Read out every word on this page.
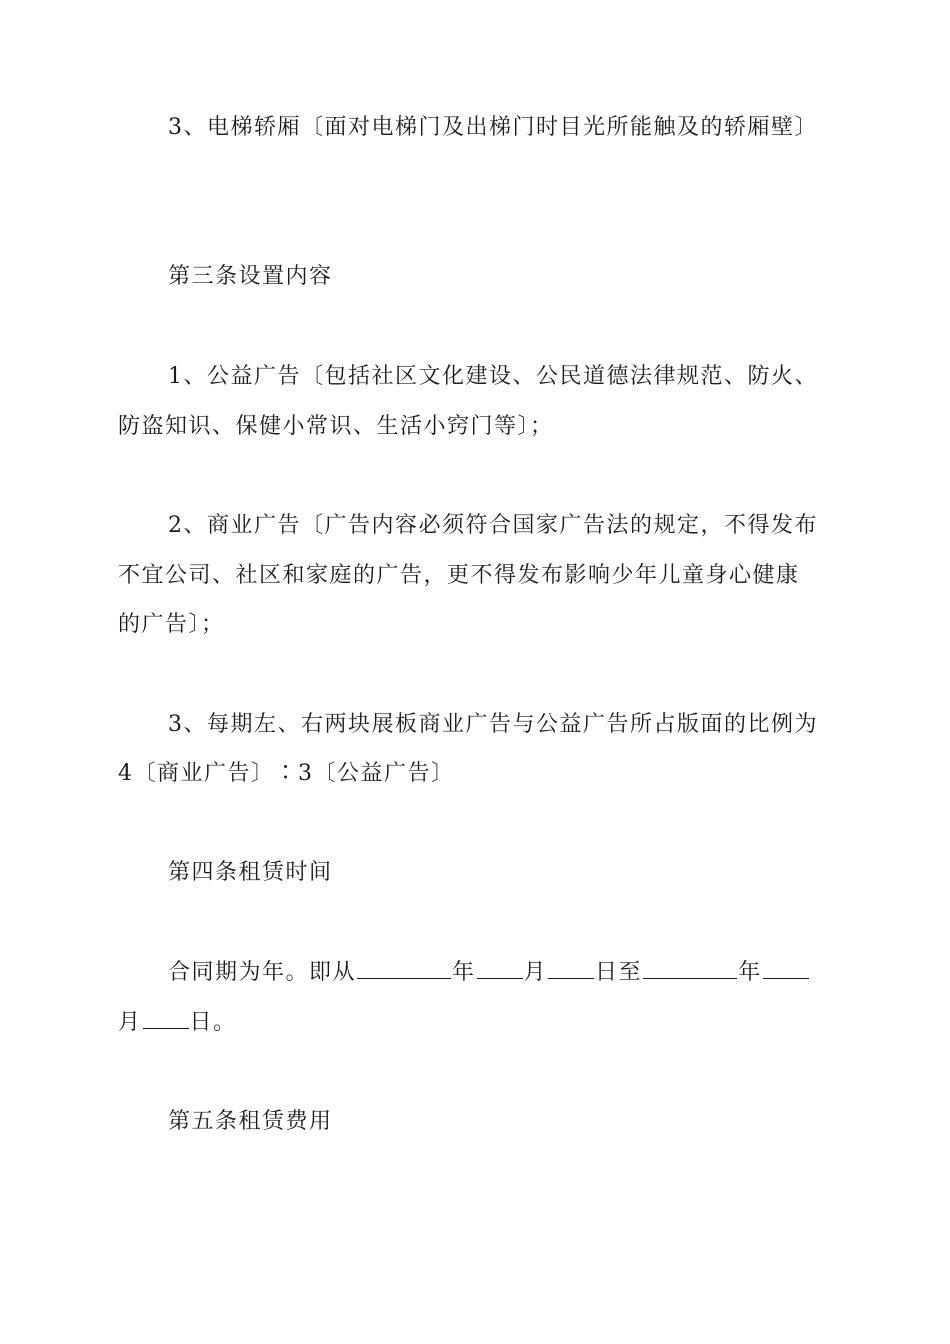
3、电梯轿厢〔面对电梯门及出梯门时目光所能触及的轿厢壁〕
第三条设置内容
1、公益广告〔包括社区文化建设、公民道德法律规范、防火、
防盗知识、保健小常识、生活小窍门等〕；
2、商业广告〔广告内容必须符合国家广告法的规定，不得发布
不宜公司、社区和家庭的广告，更不得发布影响少年儿童身心健康
的广告〕；
3、每期左、右两块展板商业广告与公益广告所占版面的比例为
4〔商业广告〕∶3〔公益广告〕
第四条租赁时间
合同期为年。即从	年 月 日至	年
月 日。
第五条租赁费用
